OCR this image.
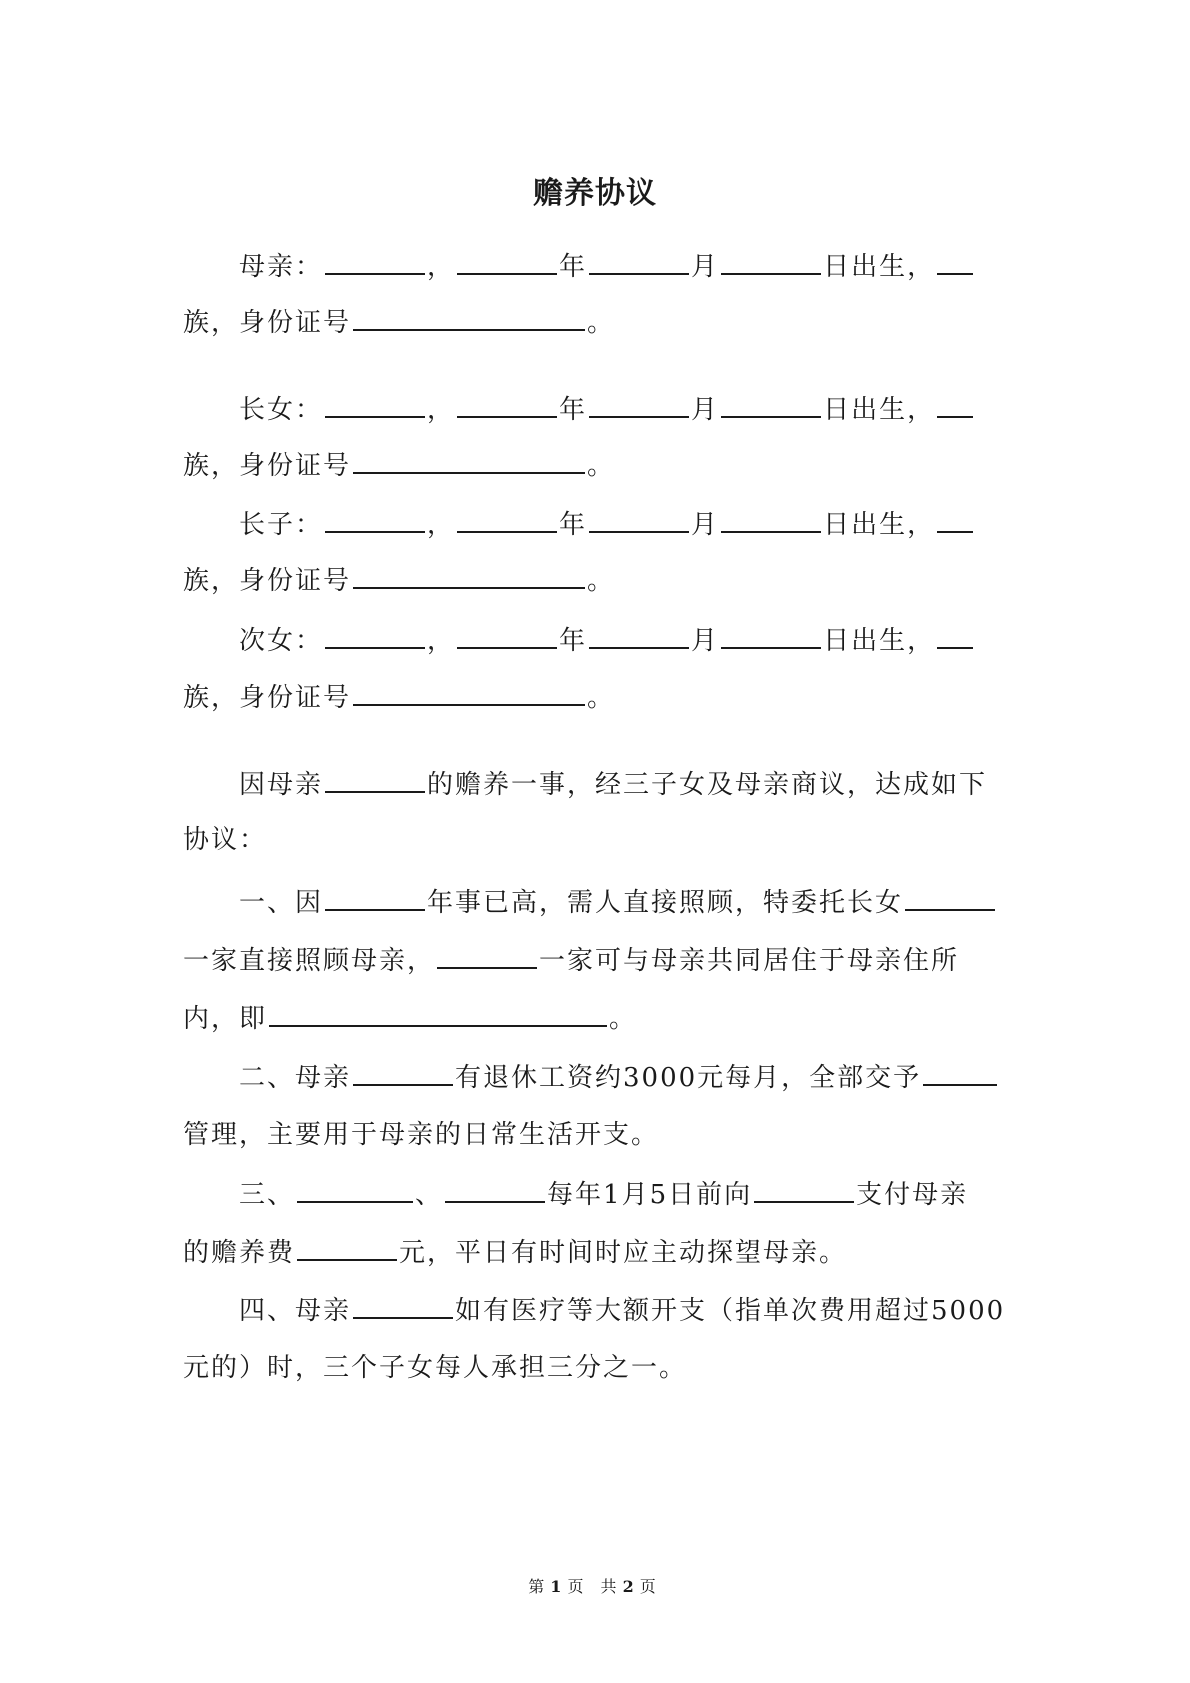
赡养协议
母亲：	，	年	月	日出生，
族，身份证号	。
长女：	，	年	月	日出生，
族，身份证号	。
长子：	，	年	月	日出生，
族，身份证号	。
次女：	，	年	月	日出生，
族，身份证号	。
因母亲	的赡养一事，经三子女及母亲商议，达成如下
协议：
一、因	年事已高，需人直接照顾，特委托长女
一家直接照顾母亲，	一家可与母亲共同居住于母亲住所
内，即	。
二、母亲	有退休工资约3000元每月，全部交予
管理，主要用于母亲的日常生活开支。
三、	、	每年1月5日前向	支付母亲
的赡养费	元，平日有时间时应主动探望母亲。
四、母亲	如有医疗等大额开支（指单次费用超过5000
元的）时，三个子女每人承担三分之一。
第1页 共2页
